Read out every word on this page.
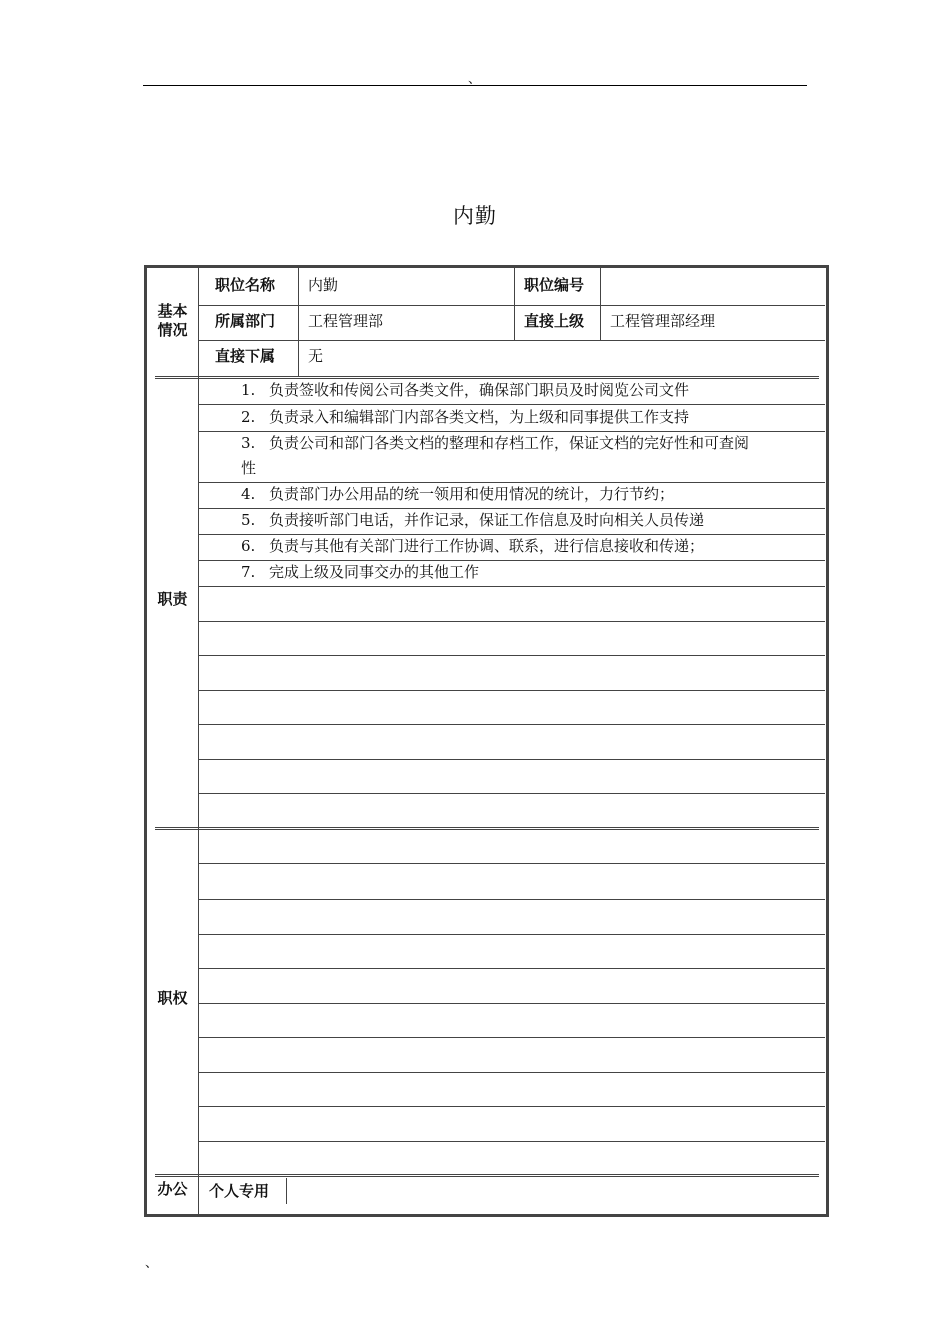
、
内勤
基本
情况
职位名称 内勤	职位编号
所属部门 工程管理部	直接上级 工程管理部经理
直接下属 无
职责
1. 负责签收和传阅公司各类文件，确保部门职员及时阅览公司文件
2. 负责录入和编辑部门内部各类文档，为上级和同事提供工作支持
3. 负责公司和部门各类文档的整理和存档工作，保证文档的完好性和可查阅
性
4. 负责部门办公用品的统一领用和使用情况的统计，力行节约；
5. 负责接听部门电话，并作记录，保证工作信息及时向相关人员传递
6. 负责与其他有关部门进行工作协调、联系，进行信息接收和传递；
7. 完成上级及同事交办的其他工作
职权
办公	个人专用
、
